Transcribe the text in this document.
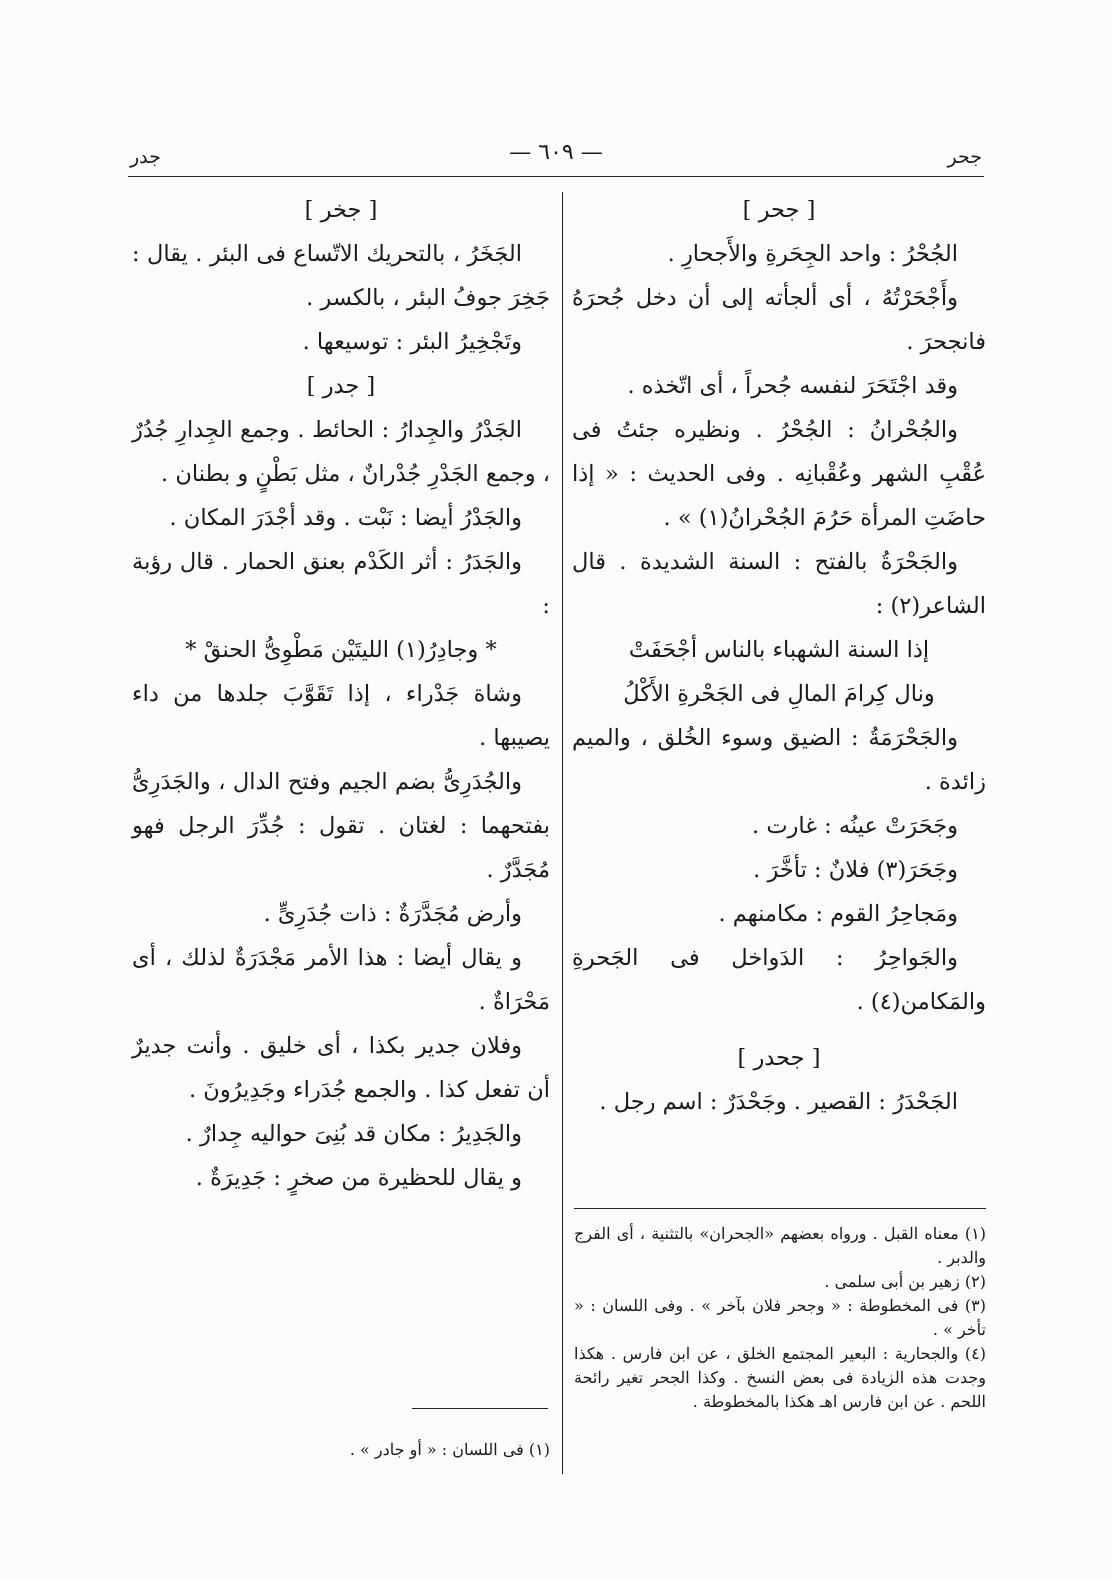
جحر
— ٦٠٩ —
جدر

[ جحر ]

الجُحْرُ : واحد الجِحَرةِ والأَجحارِ .

وأَجْحَرْتُهُ ، أى ألجأته إلى أن دخل جُحرَهُ فانجحرَ .

وقد اجْتَحَرَ لنفسه جُحراً ، أى اتّخذه .

والجُحْرانُ : الجُحْرُ . ونظيره جئتُ فى عُقْبِ الشهر وعُقْبانِه . وفى الحديث : « إذا حاضَتِ المرأة حَرُمَ الجُحْرانُ(١) » .

والجَحْرَةُ بالفتح : السنة الشديدة . قال الشاعر(٢) :

إذا السنة الشهباء بالناس أجْحَفَتْ

ونال كِرامَ المالِ فى الجَحْرةِ الأَكْلُ

والجَحْرَمَةُ : الضيق وسوء الخُلق ، والميم زائدة .

وجَحَرَتْ عينُه : غارت .

وجَحَرَ(٣) فلانٌ : تأخَّرَ .

ومَجاحِرُ القوم : مكامنهم .

والجَواحِرُ : الدَواخل فى الجَحرةِ والمَكامن(٤) .

[ جحدر ]

الجَحْدَرُ : القصير . وجَحْدَرٌ : اسم رجل .

(١) معناه القبل . ورواه بعضهم «الجحران» بالتثنية ، أى الفرج والدبر .

(٢) زهير بن أبى سلمى .

(٣) فى المخطوطة : « وجحر فلان بآخر » . وفى اللسان : « تأخر » .

(٤) والجحارية : البعير المجتمع الخلق ، عن ابن فارس . هكذا وجدت هذه الزيادة فى بعض النسخ . وكذا الجحر تغير رائحة اللحم . عن ابن فارس اهـ هكذا بالمخطوطة .

[ جخر ]

الجَخَرُ ، بالتحريك الاتّساع فى البئر . يقال : جَخِرَ جوفُ البئر ، بالكسر .

وتَجْخِيرُ البئر : توسيعها .

[ جدر ]

الجَدْرُ والجِدارُ : الحائط . وجمع الجِدارِ جُدُرٌ ، وجمع الجَدْرِ جُدْرانٌ ، مثل بَطْنٍ و بطنان .

والجَدْرُ أيضا : نَبْت . وقد أجْدَرَ المكان .

والجَدَرُ : أثر الكَدْم بعنق الحمار . قال رؤبة :

* وجادِرُ(١) الليتَيْن مَطْوِىُّ الحنقْ *

وشاة جَدْراء ، إذا تَقَوَّبَ جلدها من داء يصيبها .

والجُدَرِىُّ بضم الجيم وفتح الدال ، والجَدَرِىُّ بفتحهما : لغتان . تقول : جُدِّرَ الرجل فهو مُجَدَّرٌ .

وأرض مُجَدَّرَةٌ : ذات جُدَرِىٍّ .

و يقال أيضا : هذا الأمر مَجْدَرَةٌ لذلك ، أى مَحْرَاةٌ .

وفلان جدير بكذا ، أى خليق . وأنت جديرٌ أن تفعل كذا . والجمع جُدَراء وجَدِيرُونَ .

والجَدِيرُ : مكان قد بُنِىَ حواليه جِدارٌ .

و يقال للحظيرة من صخرٍ : جَدِيرَةٌ .

(١) فى اللسان : « أو جادر » .
